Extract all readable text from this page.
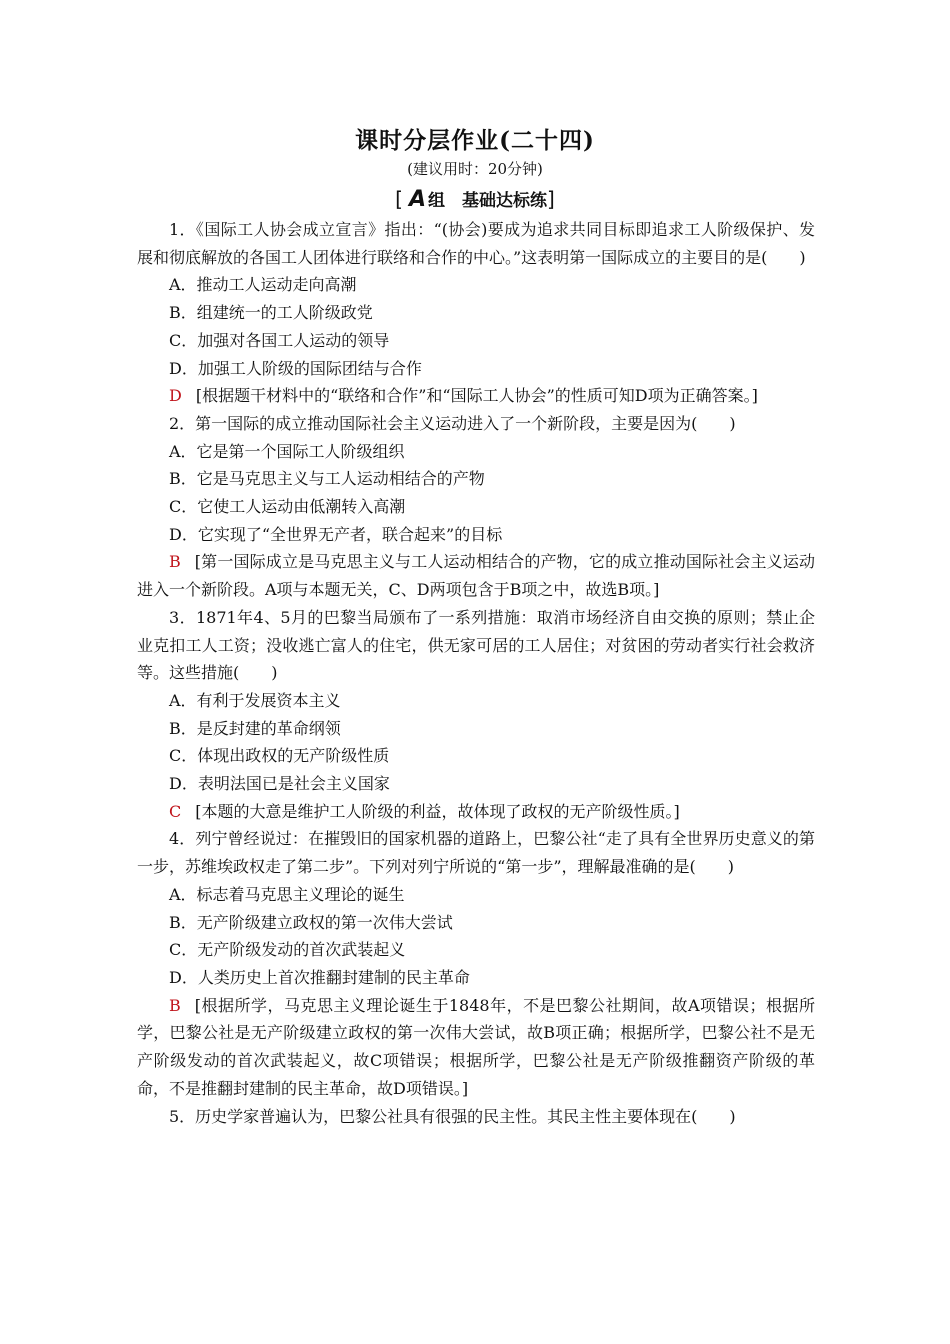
课时分层作业(二十四)
(建议用时：20分钟)
[ A 组　基础达标练]

1．《国际工人协会成立宣言》指出：“(协会)要成为追求共同目标即追求工人阶级保护、发展和彻底解放的各国工人团体进行联络和合作的中心。”这表明第一国际成立的主要目的是(　　)

A．推动工人运动走向高潮

B．组建统一的工人阶级政党

C．加强对各国工人运动的领导

D．加强工人阶级的国际团结与合作

D [根据题干材料中的“联络和合作”和“国际工人协会”的性质可知D项为正确答案。]

2．第一国际的成立推动国际社会主义运动进入了一个新阶段，主要是因为(　　)

A．它是第一个国际工人阶级组织

B．它是马克思主义与工人运动相结合的产物

C．它使工人运动由低潮转入高潮

D．它实现了“全世界无产者，联合起来”的目标

B [第一国际成立是马克思主义与工人运动相结合的产物，它的成立推动国际社会主义运动进入一个新阶段。A项与本题无关，C、D两项包含于B项之中，故选B项。]

3．1871年4、5月的巴黎当局颁布了一系列措施：取消市场经济自由交换的原则；禁止企业克扣工人工资；没收逃亡富人的住宅，供无家可居的工人居住；对贫困的劳动者实行社会救济等。这些措施(　　)

A．有利于发展资本主义

B．是反封建的革命纲领

C．体现出政权的无产阶级性质

D．表明法国已是社会主义国家

C [本题的大意是维护工人阶级的利益，故体现了政权的无产阶级性质。]

4．列宁曾经说过：在摧毁旧的国家机器的道路上，巴黎公社“走了具有全世界历史意义的第一步，苏维埃政权走了第二步”。下列对列宁所说的“第一步”，理解最准确的是(　　)

A．标志着马克思主义理论的诞生

B．无产阶级建立政权的第一次伟大尝试

C．无产阶级发动的首次武装起义

D．人类历史上首次推翻封建制的民主革命

B [根据所学，马克思主义理论诞生于1848年，不是巴黎公社期间，故A项错误；根据所学，巴黎公社是无产阶级建立政权的第一次伟大尝试，故B项正确；根据所学，巴黎公社不是无产阶级发动的首次武装起义，故C项错误；根据所学，巴黎公社是无产阶级推翻资产阶级的革命，不是推翻封建制的民主革命，故D项错误。]

5．历史学家普遍认为，巴黎公社具有很强的民主性。其民主性主要体现在(　　)
